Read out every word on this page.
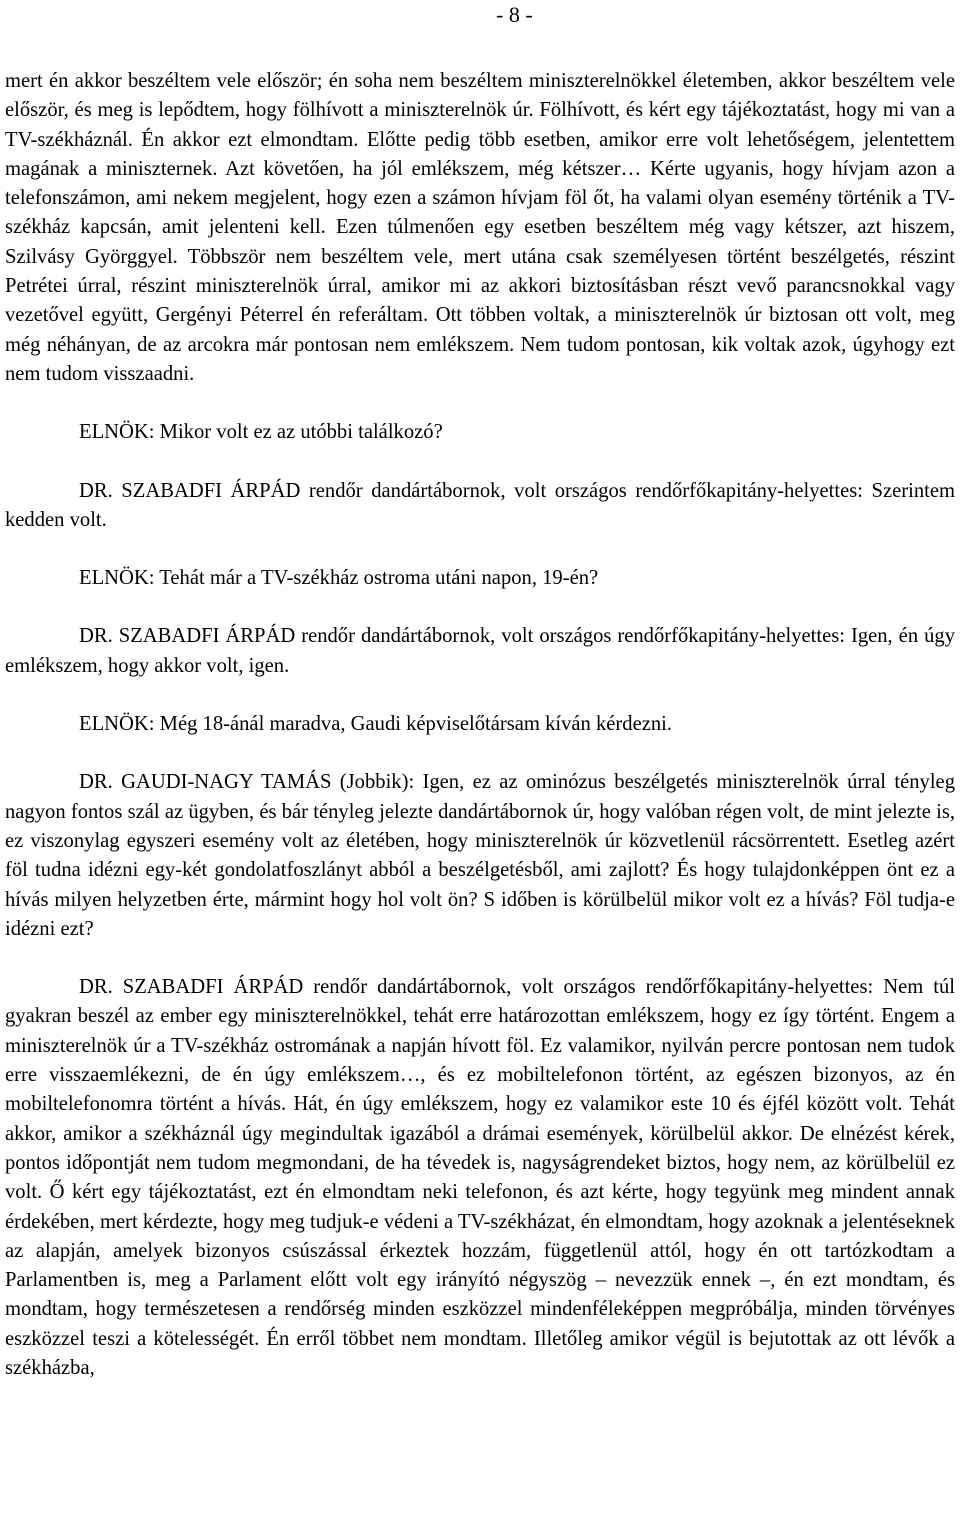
- 8 -

mert én akkor beszéltem vele először; én soha nem beszéltem miniszterelnökkel életemben, akkor beszéltem vele először, és meg is lepődtem, hogy fölhívott a miniszterelnök úr. Fölhívott, és kért egy tájékoztatást, hogy mi van a TV-székháznál. Én akkor ezt elmondtam. Előtte pedig több esetben, amikor erre volt lehetőségem, jelentettem magának a miniszternek. Azt követően, ha jól emlékszem, még kétszer… Kérte ugyanis, hogy hívjam azon a telefonszámon, ami nekem megjelent, hogy ezen a számon hívjam föl őt, ha valami olyan esemény történik a TV-székház kapcsán, amit jelenteni kell. Ezen túlmenően egy esetben beszéltem még vagy kétszer, azt hiszem, Szilvásy Györggyel. Többször nem beszéltem vele, mert utána csak személyesen történt beszélgetés, részint Petrétei úrral, részint miniszterelnök úrral, amikor mi az akkori biztosításban részt vevő parancsnokkal vagy vezetővel együtt, Gergényi Péterrel én referáltam. Ott többen voltak, a miniszterelnök úr biztosan ott volt, meg még néhányan, de az arcokra már pontosan nem emlékszem. Nem tudom pontosan, kik voltak azok, úgyhogy ezt nem tudom visszaadni.

ELNÖK: Mikor volt ez az utóbbi találkozó?

DR. SZABADFI ÁRPÁD rendőr dandártábornok, volt országos rendőrfőkapitány-helyettes: Szerintem kedden volt.

ELNÖK: Tehát már a TV-székház ostroma utáni napon, 19-én?

DR. SZABADFI ÁRPÁD rendőr dandártábornok, volt országos rendőrfőkapitány-helyettes: Igen, én úgy emlékszem, hogy akkor volt, igen.

ELNÖK: Még 18-ánál maradva, Gaudi képviselőtársam kíván kérdezni.

DR. GAUDI-NAGY TAMÁS (Jobbik): Igen, ez az ominózus beszélgetés miniszterelnök úrral tényleg nagyon fontos szál az ügyben, és bár tényleg jelezte dandártábornok úr, hogy valóban régen volt, de mint jelezte is, ez viszonylag egyszeri esemény volt az életében, hogy miniszterelnök úr közvetlenül rácsörrentett. Esetleg azért föl tudna idézni egy-két gondolatfoszlányt abból a beszélgetésből, ami zajlott? És hogy tulajdonképpen önt ez a hívás milyen helyzetben érte, mármint hogy hol volt ön? S időben is körülbelül mikor volt ez a hívás? Föl tudja-e idézni ezt?

DR. SZABADFI ÁRPÁD rendőr dandártábornok, volt országos rendőrfőkapitány-helyettes: Nem túl gyakran beszél az ember egy miniszterelnökkel, tehát erre határozottan emlékszem, hogy ez így történt. Engem a miniszterelnök úr a TV-székház ostromának a napján hívott föl. Ez valamikor, nyilván percre pontosan nem tudok erre visszaemlékezni, de én úgy emlékszem…, és ez mobiltelefonon történt, az egészen bizonyos, az én mobiltelefonomra történt a hívás. Hát, én úgy emlékszem, hogy ez valamikor este 10 és éjfél között volt. Tehát akkor, amikor a székháznál úgy megindultak igazából a drámai események, körülbelül akkor. De elnézést kérek, pontos időpontját nem tudom megmondani, de ha tévedek is, nagyságrendeket biztos, hogy nem, az körülbelül ez volt. Ő kért egy tájékoztatást, ezt én elmondtam neki telefonon, és azt kérte, hogy tegyünk meg mindent annak érdekében, mert kérdezte, hogy meg tudjuk-e védeni a TV-székházat, én elmondtam, hogy azoknak a jelentéseknek az alapján, amelyek bizonyos csúszással érkeztek hozzám, függetlenül attól, hogy én ott tartózkodtam a Parlamentben is, meg a Parlament előtt volt egy irányító négyszög – nevezzük ennek –, én ezt mondtam, és mondtam, hogy természetesen a rendőrség minden eszközzel mindenféleképpen megpróbálja, minden törvényes eszközzel teszi a kötelességét. Én erről többet nem mondtam. Illetőleg amikor végül is bejutottak az ott lévők a székházba,
